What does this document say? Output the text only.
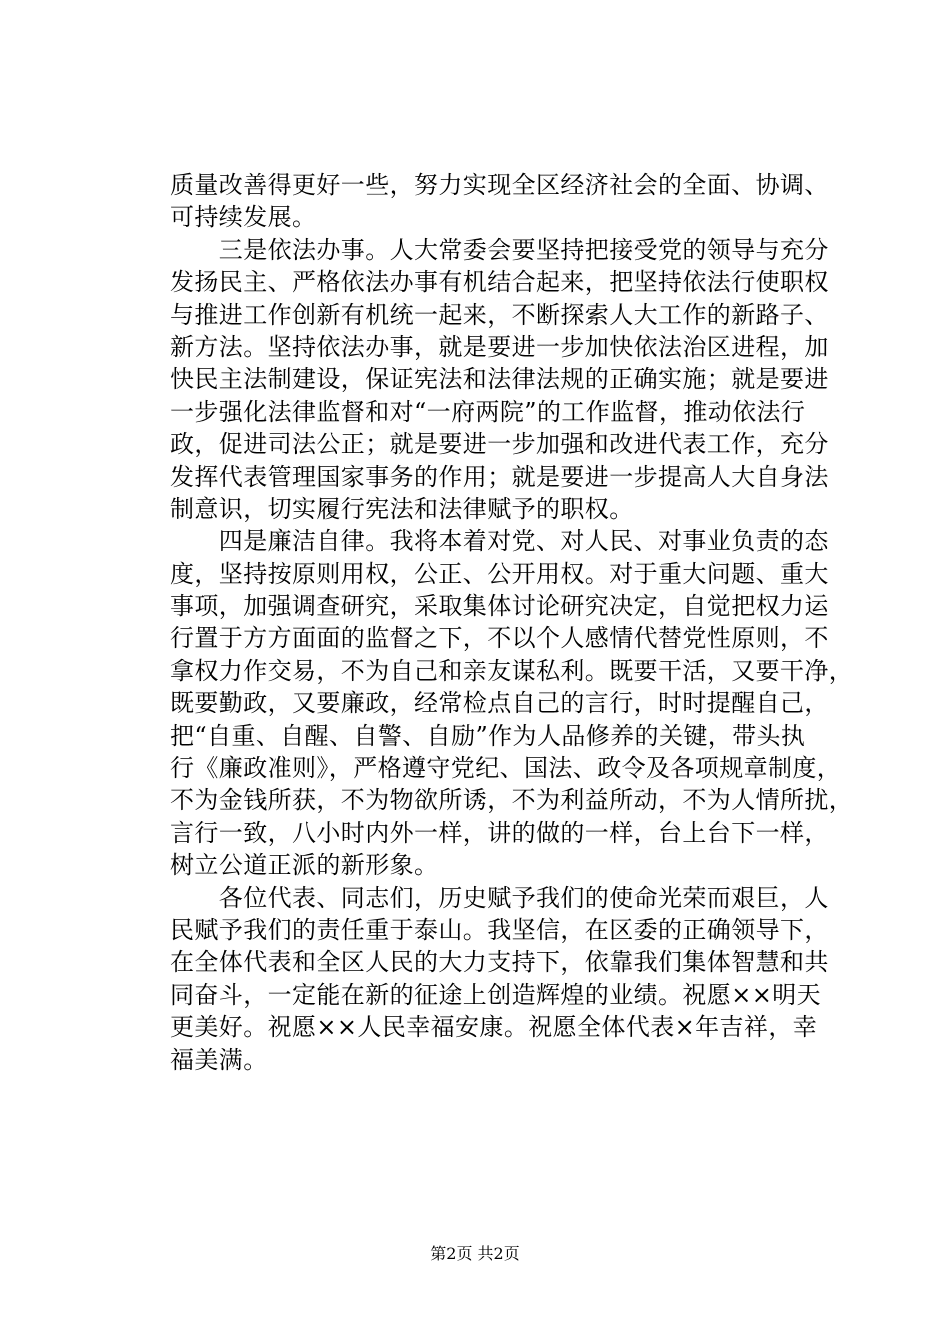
质量改善得更好一些，努力实现全区经济社会的全面、协调、
可持续发展。
　　三是依法办事。人大常委会要坚持把接受党的领导与充分
发扬民主、严格依法办事有机结合起来，把坚持依法行使职权
与推进工作创新有机统一起来，不断探索人大工作的新路子、
新方法。坚持依法办事，就是要进一步加快依法治区进程，加
快民主法制建设，保证宪法和法律法规的正确实施；就是要进
一步强化法律监督和对“一府两院”的工作监督，推动依法行
政，促进司法公正；就是要进一步加强和改进代表工作，充分
发挥代表管理国家事务的作用；就是要进一步提高人大自身法
制意识，切实履行宪法和法律赋予的职权。
　　四是廉洁自律。我将本着对党、对人民、对事业负责的态
度，坚持按原则用权，公正、公开用权。对于重大问题、重大
事项，加强调查研究，采取集体讨论研究决定，自觉把权力运
行置于方方面面的监督之下，不以个人感情代替党性原则，不
拿权力作交易，不为自己和亲友谋私利。既要干活，又要干净，
既要勤政，又要廉政，经常检点自己的言行，时时提醒自己，
把“自重、自醒、自警、自励”作为人品修养的关键，带头执
行《廉政准则》，严格遵守党纪、国法、政令及各项规章制度，
不为金钱所获，不为物欲所诱，不为利益所动，不为人情所扰，
言行一致，八小时内外一样，讲的做的一样，台上台下一样，
树立公道正派的新形象。
　　各位代表、同志们，历史赋予我们的使命光荣而艰巨，人
民赋予我们的责任重于泰山。我坚信，在区委的正确领导下，
在全体代表和全区人民的大力支持下，依靠我们集体智慧和共
同奋斗，一定能在新的征途上创造辉煌的业绩。祝愿××明天
更美好。祝愿××人民幸福安康。祝愿全体代表×年吉祥，幸
福美满。
第2页 共2页
